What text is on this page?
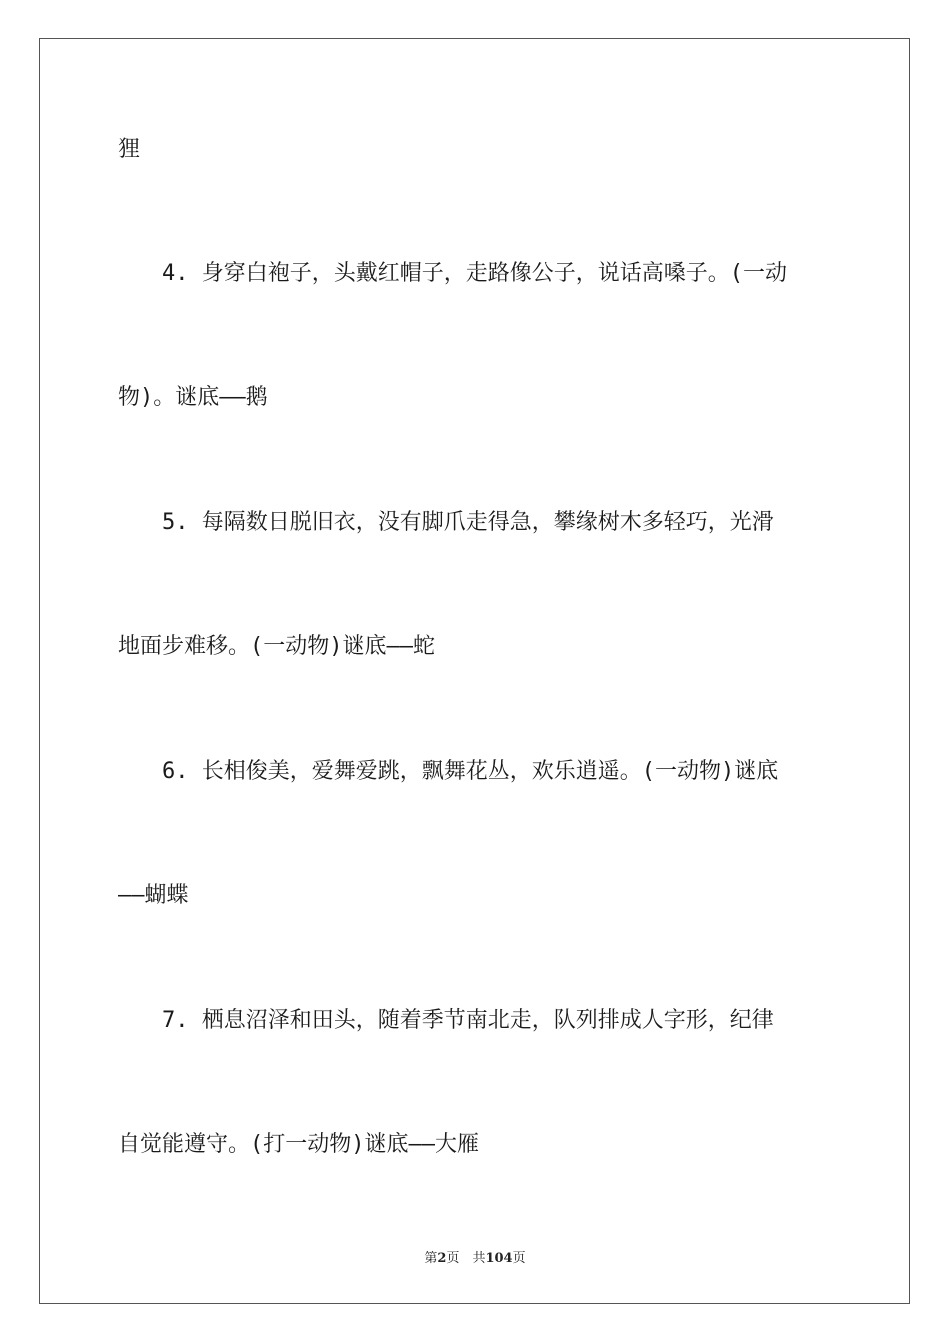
狸
4. 身穿白袍子，头戴红帽子，走路像公子，说话高嗓子。(一动
物)。谜底——鹅
5. 每隔数日脱旧衣，没有脚爪走得急，攀缘树木多轻巧，光滑
地面步难移。(一动物)谜底——蛇
6. 长相俊美，爱舞爱跳，飘舞花丛，欢乐逍遥。(一动物)谜底
——蝴蝶
7. 栖息沼泽和田头，随着季节南北走，队列排成人字形，纪律
自觉能遵守。(打一动物)谜底——大雁
第2页　共104页
